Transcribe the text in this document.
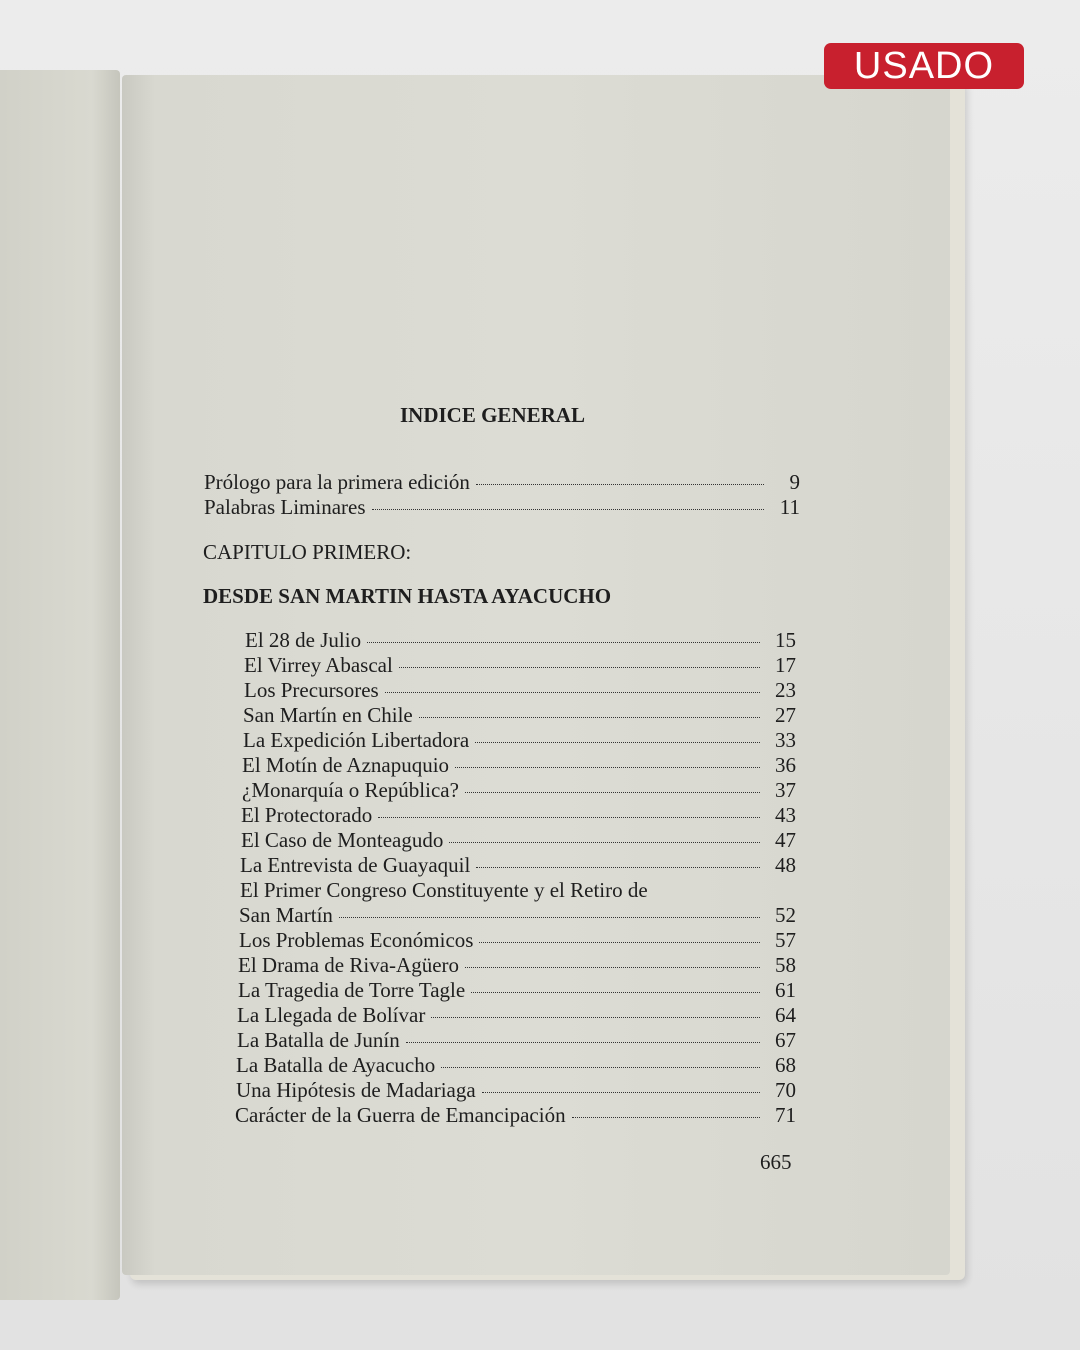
USADO
INDICE GENERAL
Prólogo para la primera edición	9
Palabras Liminares	11
CAPITULO PRIMERO:
DESDE SAN MARTIN HASTA AYACUCHO
El 28 de Julio	15
El Virrey Abascal	17
Los Precursores	23
San Martín en Chile	27
La Expedición Libertadora	33
El Motín de Aznapuquio	36
¿Monarquía o República?	37
El Protectorado	43
El Caso de Monteagudo	47
La Entrevista de Guayaquil	48
El Primer Congreso Constituyente y el Retiro de
San Martín	52
Los Problemas Económicos	57
El Drama de Riva-Agüero	58
La Tragedia de Torre Tagle	61
La Llegada de Bolívar	64
La Batalla de Junín	67
La Batalla de Ayacucho	68
Una Hipótesis de Madariaga	70
Carácter de la Guerra de Emancipación	71
665
